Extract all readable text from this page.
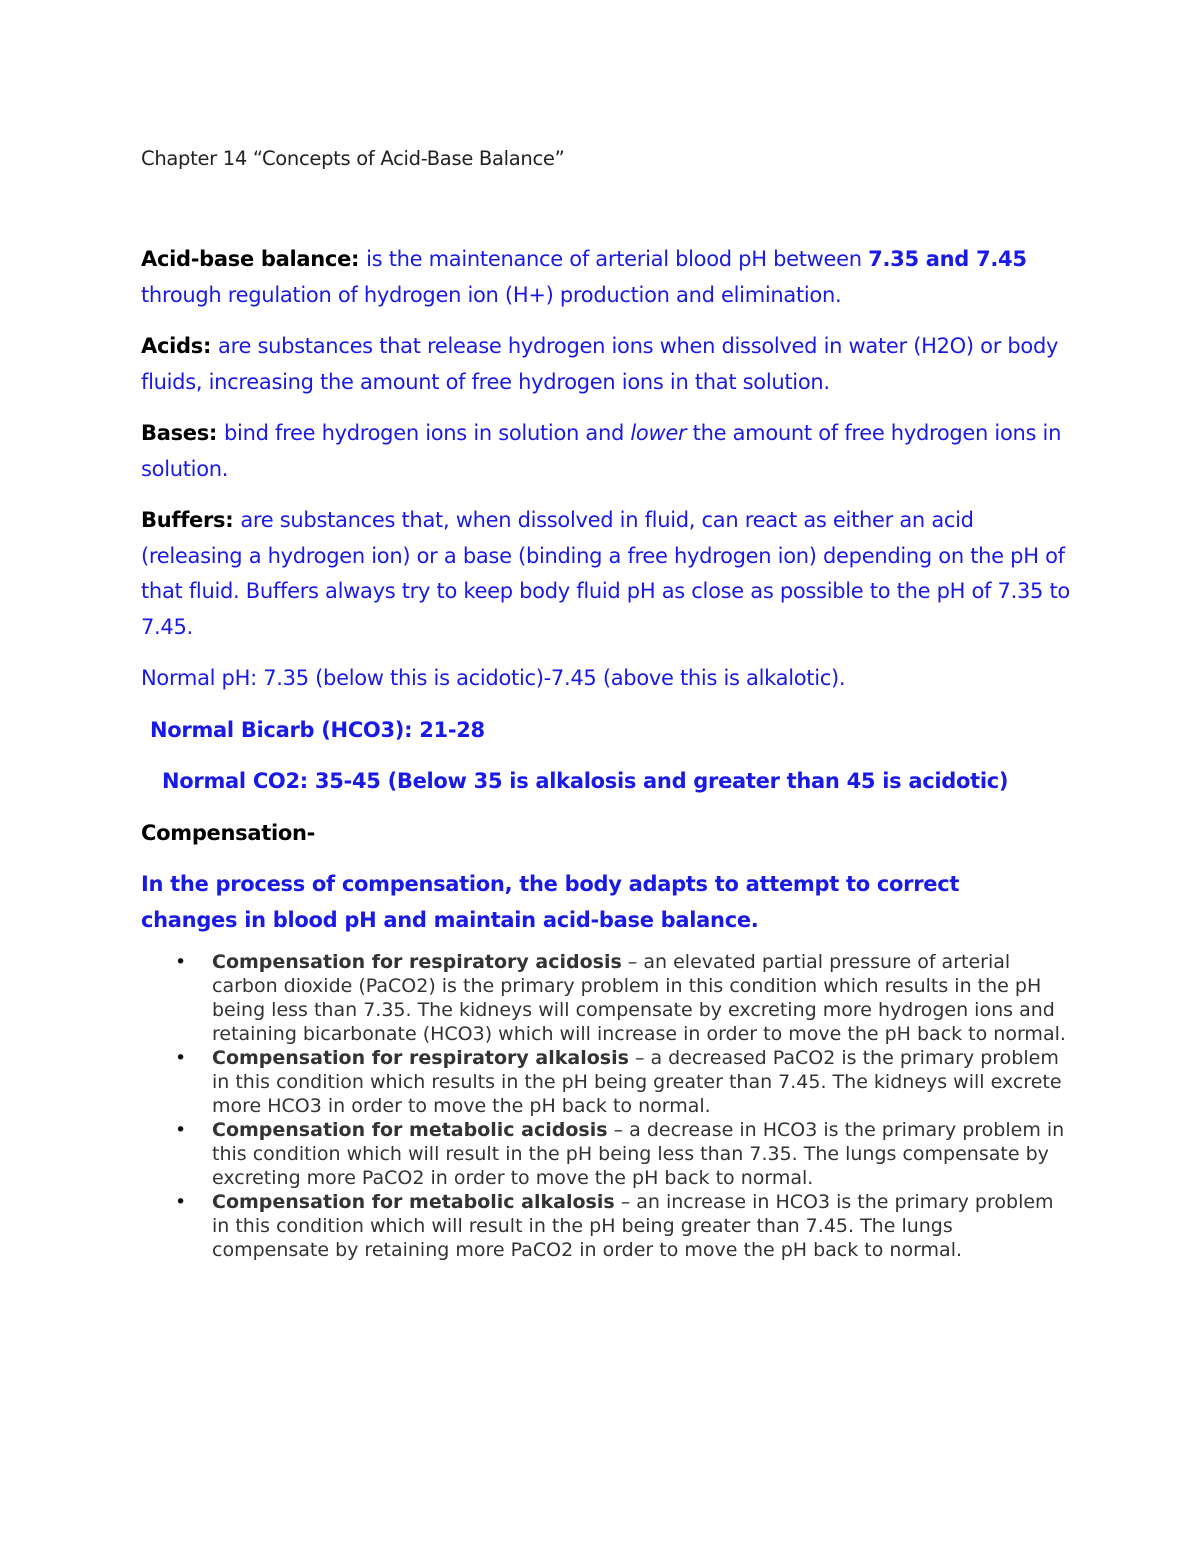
Chapter 14 “Concepts of Acid-Base Balance”

Acid-base balance: is the maintenance of arterial blood pH between 7.35 and 7.45 through regulation of hydrogen ion (H+) production and elimination.

Acids: are substances that release hydrogen ions when dissolved in water (H2O) or body fluids, increasing the amount of free hydrogen ions in that solution.

Bases: bind free hydrogen ions in solution and lower the amount of free hydrogen ions in solution.

Buffers: are substances that, when dissolved in fluid, can react as either an acid (releasing a hydrogen ion) or a base (binding a free hydrogen ion) depending on the pH of that fluid. Buffers always try to keep body fluid pH as close as possible to the pH of 7.35 to 7.45.

Normal pH: 7.35 (below this is acidotic)-7.45 (above this is alkalotic).

Normal Bicarb (HCO3): 21-28

Normal CO2: 35-45 (Below 35 is alkalosis and greater than 45 is acidotic)

Compensation-

In the process of compensation, the body adapts to attempt to correct changes in blood pH and maintain acid-base balance.

• Compensation for respiratory acidosis – an elevated partial pressure of arterial carbon dioxide (PaCO2) is the primary problem in this condition which results in the pH being less than 7.35. The kidneys will compensate by excreting more hydrogen ions and retaining bicarbonate (HCO3) which will increase in order to move the pH back to normal.
• Compensation for respiratory alkalosis – a decreased PaCO2 is the primary problem in this condition which results in the pH being greater than 7.45. The kidneys will excrete more HCO3 in order to move the pH back to normal.
• Compensation for metabolic acidosis – a decrease in HCO3 is the primary problem in this condition which will result in the pH being less than 7.35. The lungs compensate by excreting more PaCO2 in order to move the pH back to normal.
• Compensation for metabolic alkalosis – an increase in HCO3 is the primary problem in this condition which will result in the pH being greater than 7.45. The lungs compensate by retaining more PaCO2 in order to move the pH back to normal.
